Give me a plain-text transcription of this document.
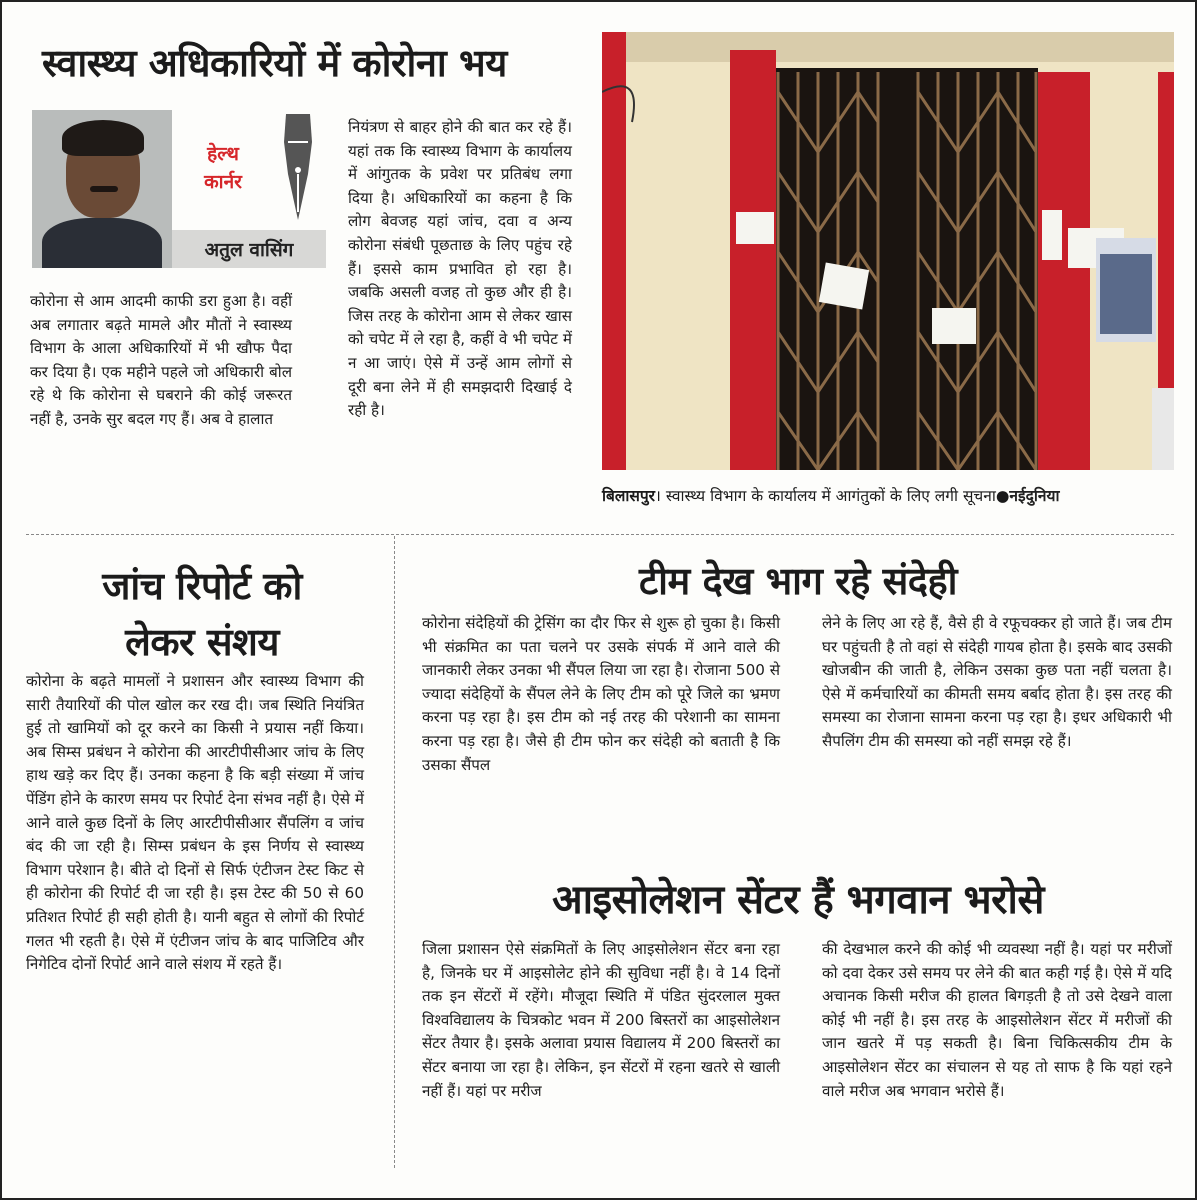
स्वास्थ्य अधिकारियों में कोरोना भय
हेल्थ
कार्नर
अतुल वासिंग

कोरोना से आम आदमी काफी डरा हुआ है। वहीं अब लगातार बढ़ते मामले और मौतों ने स्वास्थ्य विभाग के आला अधिकारियों में भी खौफ पैदा कर दिया है। एक महीने पहले जो अधिकारी बोल रहे थे कि कोरोना से घबराने की कोई जरूरत नहीं है, उनके सुर बदल गए हैं। अब वे हालात

नियंत्रण से बाहर होने की बात कर रहे हैं। यहां तक कि स्वास्थ्य विभाग के कार्यालय में आंगुतक के प्रवेश पर प्रतिबंध लगा दिया है। अधिकारियों का कहना है कि लोग बेवजह यहां जांच, दवा व अन्य कोरोना संबंधी पूछताछ के लिए पहुंच रहे हैं। इससे काम प्रभावित हो रहा है। जबकि असली वजह तो कुछ और ही है। जिस तरह के कोरोना आम से लेकर खास को चपेट में ले रहा है, कहीं वे भी चपेट में न आ जाएं। ऐसे में उन्हें आम लोगों से दूरी बना लेने में ही समझदारी दिखाई दे रही है।

बिलासपुर। स्वास्थ्य विभाग के कार्यालय में आगंतुकों के लिए लगी सूचना●नईदुनिया
जांच रिपोर्ट को
लेकर संशय

कोरोना के बढ़ते मामलों ने प्रशासन और स्वास्थ्य विभाग की सारी तैयारियों की पोल खोल कर रख दी। जब स्थिति नियंत्रित हुई तो खामियों को दूर करने का किसी ने प्रयास नहीं किया। अब सिम्स प्रबंधन ने कोरोना की आरटीपीसीआर जांच के लिए हाथ खड़े कर दिए हैं। उनका कहना है कि बड़ी संख्या में जांच पेंडिंग होने के कारण समय पर रिपोर्ट देना संभव नहीं है। ऐसे में आने वाले कुछ दिनों के लिए आरटीपीसीआर सैंपलिंग व जांच बंद की जा रही है। सिम्स प्रबंधन के इस निर्णय से स्वास्थ्य विभाग परेशान है। बीते दो दिनों से सिर्फ एंटीजन टेस्ट किट से ही कोरोना की रिपोर्ट दी जा रही है। इस टेस्ट की 50 से 60 प्रतिशत रिपोर्ट ही सही होती है। यानी बहुत से लोगों की रिपोर्ट गलत भी रहती है। ऐसे में एंटीजन जांच के बाद पाजिटिव और निगेटिव दोनों रिपोर्ट आने वाले संशय में रहते हैं।

टीम देख भाग रहे संदेही

कोरोना संदेहियों की ट्रेसिंग का दौर फिर से शुरू हो चुका है। किसी भी संक्रमित का पता चलने पर उसके संपर्क में आने वाले की जानकारी लेकर उनका भी सैंपल लिया जा रहा है। रोजाना 500 से ज्यादा संदेहियों के सैंपल लेने के लिए टीम को पूरे जिले का भ्रमण करना पड़ रहा है। इस टीम को नई तरह की परेशानी का सामना करना पड़ रहा है। जैसे ही टीम फोन कर संदेही को बताती है कि उसका सैंपल

लेने के लिए आ रहे हैं, वैसे ही वे रफूचक्कर हो जाते हैं। जब टीम घर पहुंचती है तो वहां से संदेही गायब होता है। इसके बाद उसकी खोजबीन की जाती है, लेकिन उसका कुछ पता नहीं चलता है। ऐसे में कर्मचारियों का कीमती समय बर्बाद होता है। इस तरह की समस्या का रोजाना सामना करना पड़ रहा है। इधर अधिकारी भी सैपलिंग टीम की समस्या को नहीं समझ रहे हैं।

आइसोलेशन सेंटर हैं भगवान भरोसे

जिला प्रशासन ऐसे संक्रमितों के लिए आइसोलेशन सेंटर बना रहा है, जिनके घर में आइसोलेट होने की सुविधा नहीं है। वे 14 दिनों तक इन सेंटरों में रहेंगे। मौजूदा स्थिति में पंडित सुंदरलाल मुक्त विश्वविद्यालय के चित्रकोट भवन में 200 बिस्तरों का आइसोलेशन सेंटर तैयार है। इसके अलावा प्रयास विद्यालय में 200 बिस्तरों का सेंटर बनाया जा रहा है। लेकिन, इन सेंटरों में रहना खतरे से खाली नहीं हैं। यहां पर मरीज

की देखभाल करने की कोई भी व्यवस्था नहीं है। यहां पर मरीजों को दवा देकर उसे समय पर लेने की बात कही गई है। ऐसे में यदि अचानक किसी मरीज की हालत बिगड़ती है तो उसे देखने वाला कोई भी नहीं है। इस तरह के आइसोलेशन सेंटर में मरीजों की जान खतरे में पड़ सकती है। बिना चिकित्सकीय टीम के आइसोलेशन सेंटर का संचालन से यह तो साफ है कि यहां रहने वाले मरीज अब भगवान भरोसे हैं।
